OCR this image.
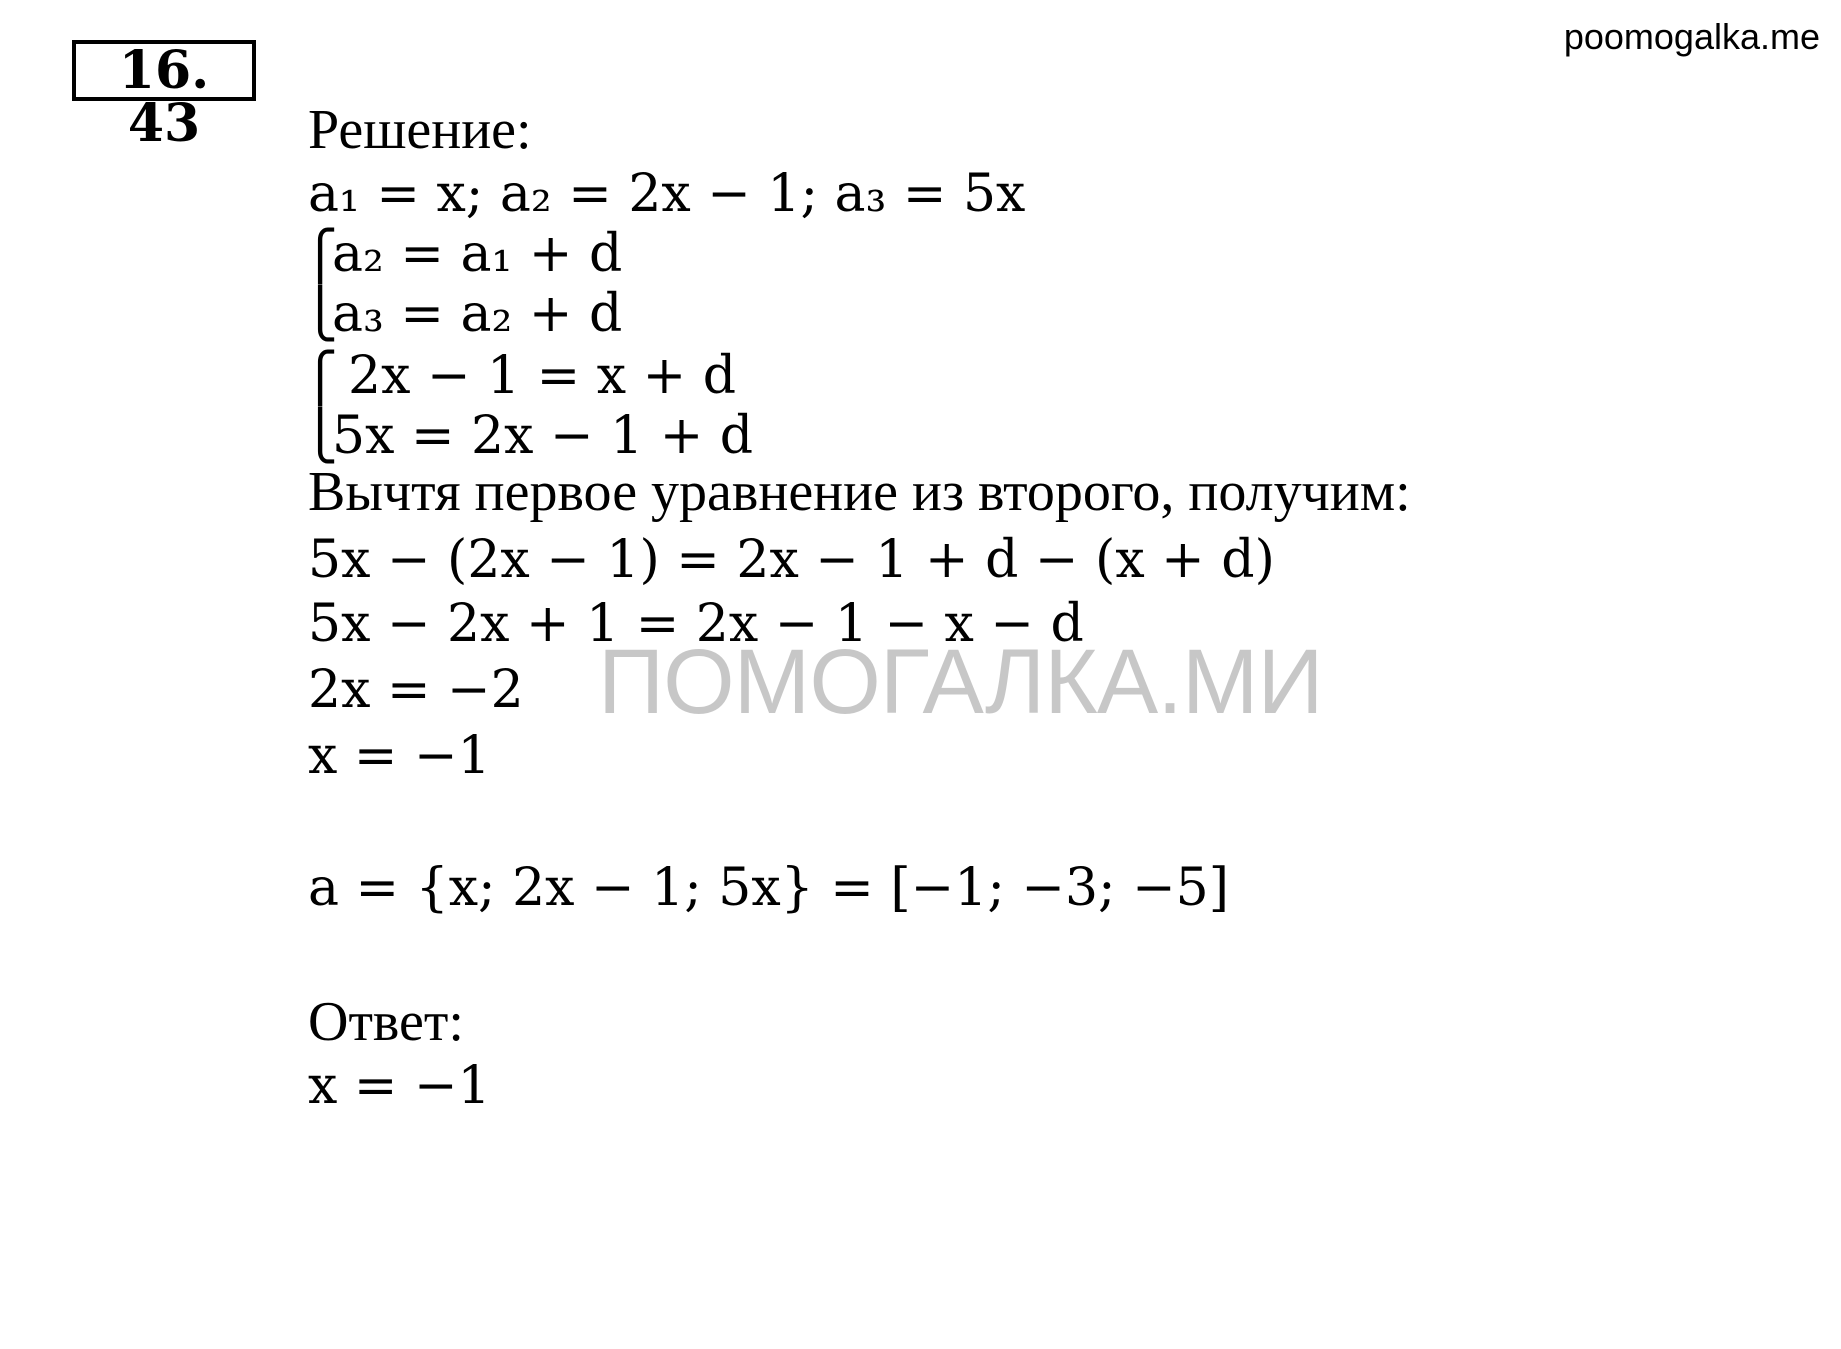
16. 43
poomogalka.me
Решение:
a₁ = x; a₂ = 2x − 1; a₃ = 5x
⎧
⎩
a₂ = a₁ + d
a₃ = a₂ + d
⎧
⎩
2x − 1 = x + d
5x = 2x − 1 + d
Вычтя первое уравнение из второго, получим:
5x − (2x − 1) = 2x − 1 + d − (x + d)
5x − 2x + 1 = 2x − 1 − x − d
2x = −2
x = −1
a = {x; 2x − 1; 5x} = [−1; −3; −5]
Ответ:
x = −1
ПОМОГАЛКА.МИ
